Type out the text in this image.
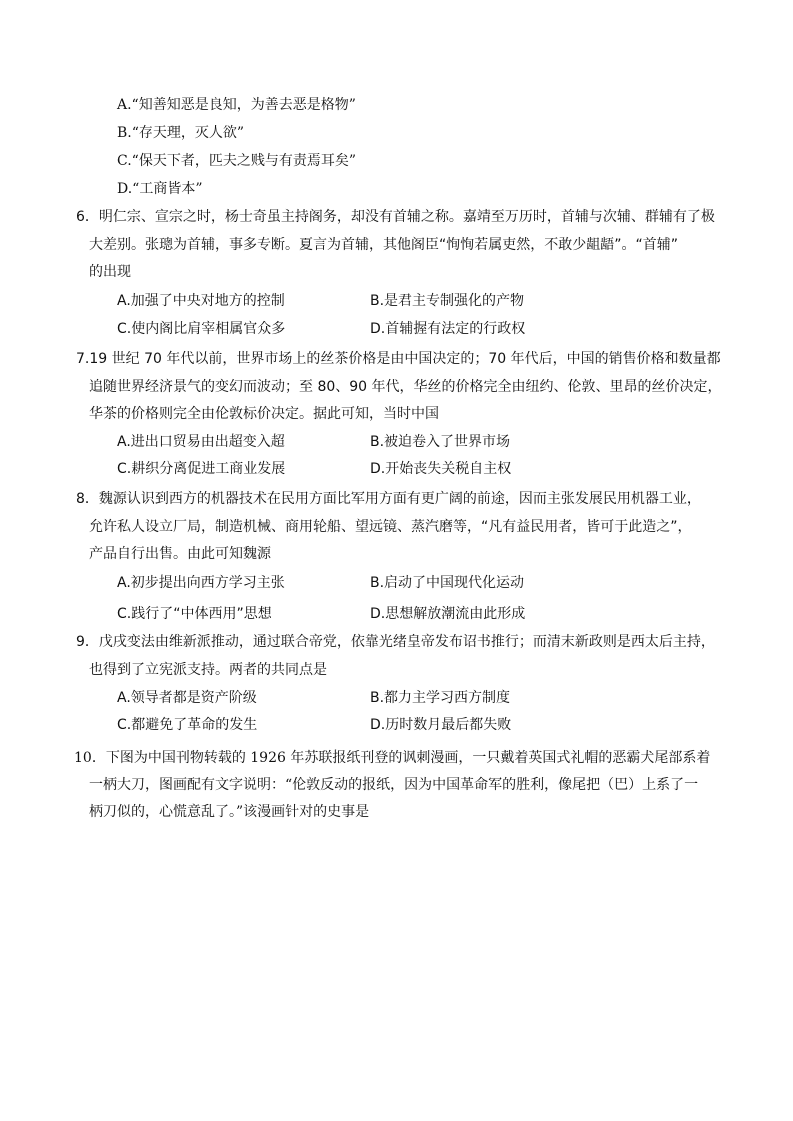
A.“知善知恶是良知，为善去恶是格物”
B.“存天理，灭人欲”
C.“保天下者，匹夫之贱与有责焉耳矣”
D.“工商皆本”
6．明仁宗、宣宗之时，杨士奇虽主持阁务，却没有首辅之称。嘉靖至万历时，首辅与次辅、群辅有了极
大差别。张璁为首辅，事多专断。夏言为首辅，其他阁臣“恂恂若属吏然，不敢少龃龉”。“首辅”
的出现
A.加强了中央对地方的控制	B.是君主专制强化的产物
C.使内阁比肩宰相属官众多	D.首辅握有法定的行政权
7.19 世纪 70 年代以前，世界市场上的丝茶价格是由中国决定的；70 年代后，中国的销售价格和数量都
追随世界经济景气的变幻而波动；至 80、90 年代，华丝的价格完全由纽约、伦敦、里昂的丝价决定，
华茶的价格则完全由伦敦标价决定。据此可知，当时中国
A.进出口贸易由出超变入超	B.被迫卷入了世界市场
C.耕织分离促进工商业发展	D.开始丧失关税自主权
8．魏源认识到西方的机器技术在民用方面比军用方面有更广阔的前途，因而主张发展民用机器工业，
允许私人设立厂局，制造机械、商用轮船、望远镜、蒸汽磨等，“凡有益民用者，皆可于此造之”，
产品自行出售。由此可知魏源
A.初步提出向西方学习主张	B.启动了中国现代化运动
C.践行了“中体西用”思想	D.思想解放潮流由此形成
9．戊戌变法由维新派推动，通过联合帝党，依靠光绪皇帝发布诏书推行；而清末新政则是西太后主持，
也得到了立宪派支持。两者的共同点是
A.领导者都是资产阶级	B.都力主学习西方制度
C.都避免了革命的发生	D.历时数月最后都失败
10．下图为中国刊物转载的 1926 年苏联报纸刊登的讽刺漫画，一只戴着英国式礼帽的恶霸犬尾部系着
一柄大刀，图画配有文字说明：“伦敦反动的报纸，因为中国革命军的胜利，像尾把（巴）上系了一
柄刀似的，心慌意乱了。”该漫画针对的史事是
